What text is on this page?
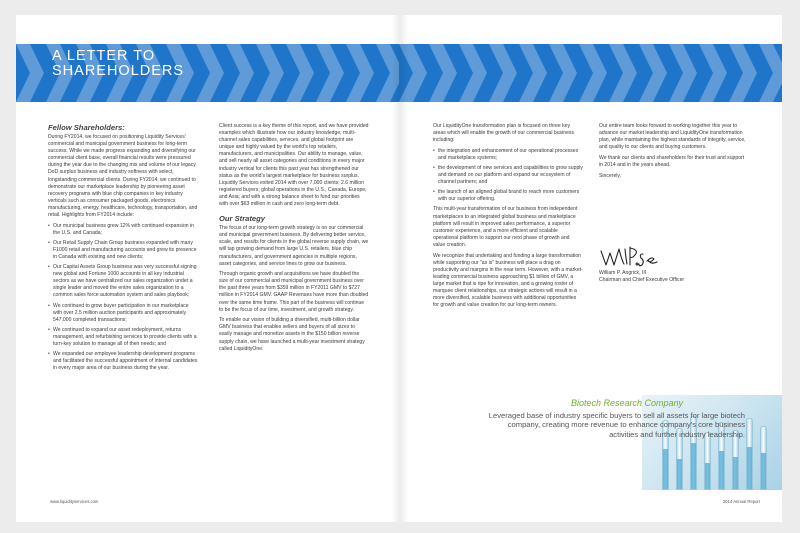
A LETTER TO
SHAREHOLDERS
Fellow Shareholders:

During FY2014, we focused on positioning Liquidity Services' commercial and municipal government business for long-term success. While we made progress expanding and diversifying our commercial client base, overall financial results were pressured during the year due to the changing mix and volume of our legacy DoD surplus business and industry softness with select, longstanding commercial clients. During FY2014, we continued to demonstrate our marketplace leadership by pioneering asset recovery programs with blue chip companies in key industry verticals such as consumer packaged goods, electronics manufacturing, energy, healthcare, technology, transportation, and retail. Highlights from FY2014 include:

• Our municipal business grew 12% with continued expansion in the U.S. and Canada;
• Our Retail Supply Chain Group business expanded with many F1000 retail and manufacturing accounts and grew its presence in Canada with existing and new clients;
• Our Capital Assets Group business was very successful signing new global and Fortune 1000 accounts in all key industrial sectors as we have centralized our sales organization under a single leader and moved the entire sales organization to a common sales force automation system and sales playbook;
• We continued to grow buyer participation in our marketplace with over 2.5 million auction participants and approximately 547,000 completed transactions;
• We continued to expand our asset redeployment, returns management, and refurbishing services to provide clients with a turn-key solution to manage all of their needs; and
• We expanded our employee leadership development programs and facilitated the successful appointment of internal candidates in every major area of our business during the year.

Client success is a key theme of this report, and we have provided examples which illustrate how our industry knowledge, multi-channel sales capabilities, services, and global footprint are unique and highly valued by the world's top retailers, manufacturers, and municipalities. Our ability to manage, value, and sell nearly all asset categories and conditions in every major industry vertical for clients this past year has strengthened our status as the world's largest marketplace for business surplus. Liquidity Services exited 2014 with over 7,000 clients; 2.6 million registered buyers; global operations in the U.S., Canada, Europe, and Asia; and with a strong balance sheet to fund our priorities with over $63 million in cash and zero long-term debt.

Our Strategy

The focus of our long-term growth strategy is on our commercial and municipal government business. By delivering better service, scale, and results for clients in the global reverse supply chain, we will tap growing demand from large U.S. retailers, blue chip manufacturers, and government agencies in multiple regions, asset categories, and service lines to grow our business.

Through organic growth and acquisitions we have doubled the size of our commercial and municipal government business over the past three years from $359 million in FY2011 GMV to $727 million in FY2014 GMV. GAAP Revenues have more than doubled over the same time frame. This part of the business will continue to be the focus of our time, investment, and growth strategy.

To enable our vision of building a diversified, multi-billion dollar GMV business that enables sellers and buyers of all sizes to easily manage and monetize assets in the $150 billion reverse supply chain, we have launched a multi-year investment strategy called LiquidityOne.

www.liquidityservices.com

Our LiquidityOne transformation plan is focused on three key areas which will enable the growth of our commercial business including:

• the integration and enhancement of our operational processes and marketplace systems;
• the development of new services and capabilities to grow supply and demand on our platform and expand our ecosystem of channel partners; and
• the launch of an aligned global brand to reach more customers with our superior offering.

This multi-year transformation of our business from independent marketplaces to an integrated global business and marketplace platform will result in improved sales performance, a superior customer experience, and a more efficient and scalable operational platform to support our next phase of growth and value creation.

We recognize that undertaking and funding a large transformation while supporting our "as is" business will place a drag on productivity and margins in the near term. However, with a market-leading commercial business approaching $1 billion of GMV, a large market that is ripe for innovation, and a growing roster of marquee client relationships, our strategic actions will result in a more diversified, scalable business with additional opportunities for growth and value creation for our long-term owners.

Our entire team looks forward to working together this year to advance our market leadership and LiquidityOne transformation plan, while maintaining the highest standards of integrity, service, and quality to our clients and buying customers.

We thank our clients and shareholders for their trust and support in 2014 and in the years ahead.

Sincerely,

William P. Angrick, III
Chairman and Chief Executive Officer
Biotech Research Company
Leveraged base of industry specific buyers to sell all assets for large biotech company, creating more revenue to enhance company's core business activities and further industry leadership.
2014 Annual Report
